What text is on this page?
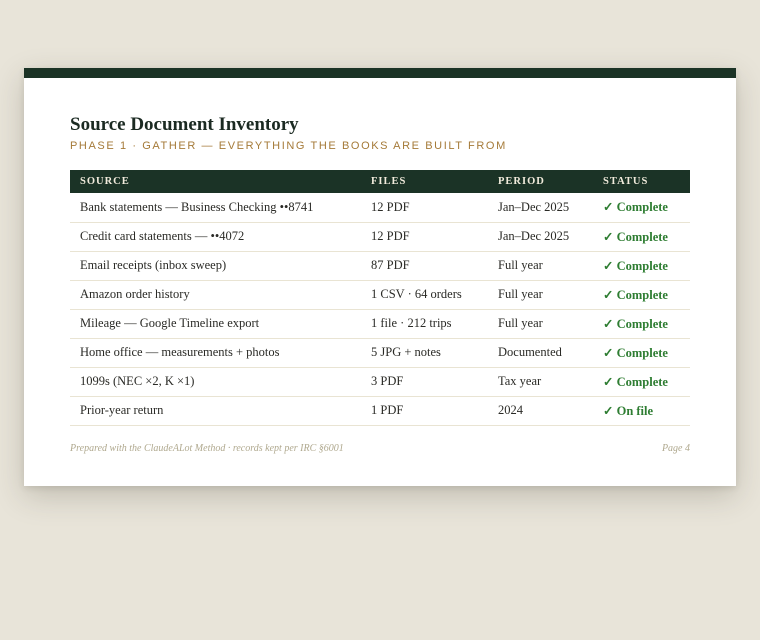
Source Document Inventory
PHASE 1 · GATHER — EVERYTHING THE BOOKS ARE BUILT FROM
SOURCE	FILES	PERIOD	STATUS
Bank statements — Business Checking ••8741	12 PDF	Jan–Dec 2025	✓ Complete
Credit card statements — ••4072	12 PDF	Jan–Dec 2025	✓ Complete
Email receipts (inbox sweep)	87 PDF	Full year	✓ Complete
Amazon order history	1 CSV · 64 orders	Full year	✓ Complete
Mileage — Google Timeline export	1 file · 212 trips	Full year	✓ Complete
Home office — measurements + photos	5 JPG + notes	Documented	✓ Complete
1099s (NEC ×2, K ×1)	3 PDF	Tax year	✓ Complete
Prior-year return	1 PDF	2024	✓ On file
Prepared with the ClaudeALot Method · records kept per IRC §6001	Page 4
